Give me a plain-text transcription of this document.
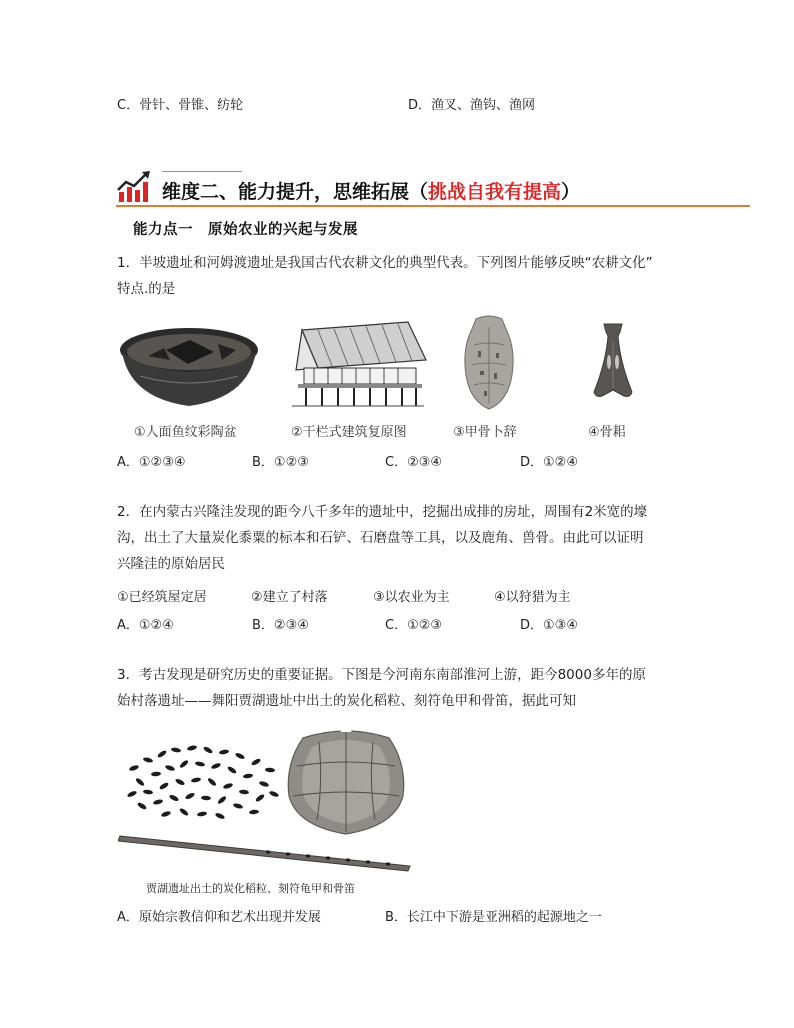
C．骨针、骨锥、纺轮	D．渔叉、渔钩、渔网
维度二、能力提升，思维拓展（挑战自我有提高）
能力点一　原始农业的兴起与发展
1．半坡遗址和河姆渡遗址是我国古代农耕文化的典型代表。下列图片能够反映“农耕文化”
特点.的是
①人面鱼纹彩陶盆	②干栏式建筑复原图	③甲骨卜辞	④骨耜
A．①②③④	B．①②③	C．②③④	D．①②④
2．在内蒙古兴隆洼发现的距今八千多年的遗址中，挖掘出成排的房址，周围有2米宽的壕
沟，出土了大量炭化黍粟的标本和石铲、石磨盘等工具，以及鹿角、兽骨。由此可以证明
兴隆洼的原始居民
①已经筑屋定居	②建立了村落	③以农业为主	④以狩猎为主
A．①②④	B．②③④	C．①②③	D．①③④
3．考古发现是研究历史的重要证据。下图是今河南东南部淮河上游，距今8000多年的原
始村落遗址——舞阳贾湖遗址中出土的炭化稻粒、刻符龟甲和骨笛，据此可知
贾湖遗址出土的炭化稻粒、刻符龟甲和骨笛
A．原始宗教信仰和艺术出现并发展	B．长江中下游是亚洲稻的起源地之一
